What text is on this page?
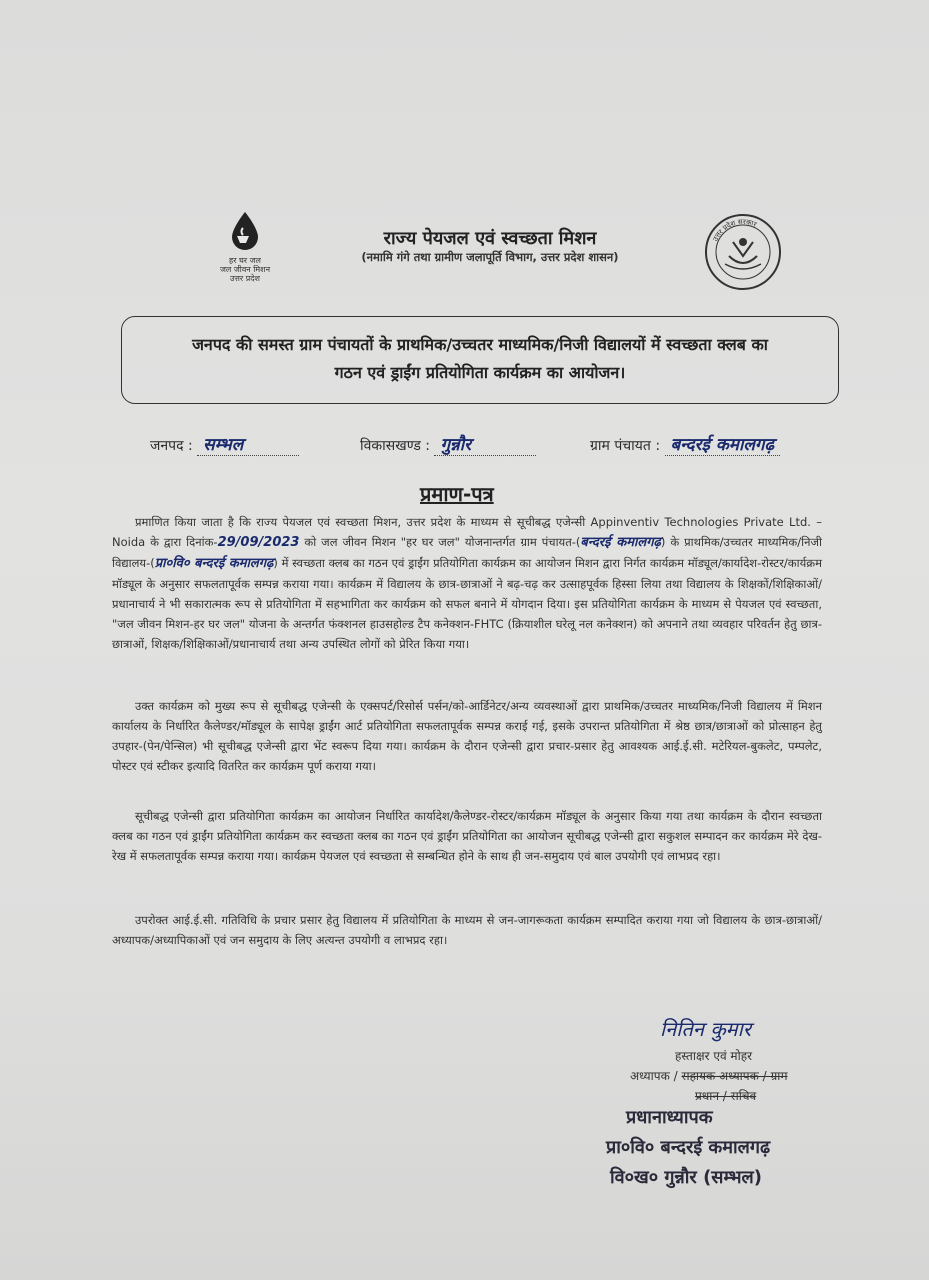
हर घर जल
जल जीवन मिशन
उत्तर प्रदेश
उत्तर प्रदेश सरकार
राज्य पेयजल एवं स्वच्छता मिशन
(नमामि गंगे तथा ग्रामीण जलापूर्ति विभाग, उत्तर प्रदेश शासन)
जनपद की समस्त ग्राम पंचायतों के प्राथमिक/उच्चतर माध्यमिक/निजी विद्यालयों में स्वच्छता क्लब का
गठन एवं ड्राईंग प्रतियोगिता कार्यक्रम का आयोजन।
जनपद : सम्भल	विकासखण्ड : गुन्नौर	ग्राम पंचायत : बन्दरई कमालगढ़
प्रमाण-पत्र
  प्रमाणित किया जाता है कि राज्य पेयजल एवं स्वच्छता मिशन, उत्तर प्रदेश के माध्यम से सूचीबद्ध एजेन्सी Appinventiv Technologies Private Ltd. – Noida के द्वारा दिनांक-29/09/2023 को जल जीवन मिशन "हर घर जल" योजनान्तर्गत ग्राम पंचायत-(बन्दरई कमालगढ़) के प्राथमिक/उच्चतर माध्यमिक/निजी विद्यालय-(प्रा०वि० बन्दरई कमालगढ़) में स्वच्छता क्लब का गठन एवं ड्राईंग प्रतियोगिता कार्यक्रम का आयोजन मिशन द्वारा निर्गत कार्यक्रम मॉड्यूल/कार्यादेश-रोस्टर/कार्यक्रम मॉड्यूल के अनुसार सफलतापूर्वक सम्पन्न कराया गया। कार्यक्रम में विद्यालय के छात्र-छात्राओं ने बढ़-चढ़ कर उत्साहपूर्वक हिस्सा लिया तथा विद्यालय के शिक्षकों/शिक्षिकाओं/प्रधानाचार्य ने भी सकारात्मक रूप से प्रतियोगिता में सहभागिता कर कार्यक्रम को सफल बनाने में योगदान दिया। इस प्रतियोगिता कार्यक्रम के माध्यम से पेयजल एवं स्वच्छता, "जल जीवन मिशन-हर घर जल" योजना के अन्तर्गत फंक्शनल हाउसहोल्ड टैप कनेक्शन-FHTC (क्रियाशील घरेलू नल कनेक्शन) को अपनाने तथा व्यवहार परिवर्तन हेतु छात्र-छात्राओं, शिक्षक/शिक्षिकाओं/प्रधानाचार्य तथा अन्य उपस्थित लोगों को प्रेरित किया गया।
  उक्त कार्यक्रम को मुख्य रूप से सूचीबद्ध एजेन्सी के एक्सपर्ट/रिसोर्स पर्सन/को-आर्डिनेटर/अन्य व्यवस्थाओं द्वारा प्राथमिक/उच्चतर माध्यमिक/निजी विद्यालय में मिशन कार्यालय के निर्धारित कैलेण्डर/मॉड्यूल के सापेक्ष ड्राईंग आर्ट प्रतियोगिता सफलतापूर्वक सम्पन्न कराई गई, इसके उपरान्त प्रतियोगिता में श्रेष्ठ छात्र/छात्राओं को प्रोत्साहन हेतु उपहार-(पेन/पेन्सिल) भी सूचीबद्ध एजेन्सी द्वारा भेंट स्वरूप दिया गया। कार्यक्रम के दौरान एजेन्सी द्वारा प्रचार-प्रसार हेतु आवश्यक आई.ई.सी. मटेरियल-बुकलेट, पम्पलेट, पोस्टर एवं स्टीकर इत्यादि वितरित कर कार्यक्रम पूर्ण कराया गया।
  सूचीबद्ध एजेन्सी द्वारा प्रतियोगिता कार्यक्रम का आयोजन निर्धारित कार्यादेश/कैलेण्डर-रोस्टर/कार्यक्रम मॉड्यूल के अनुसार किया गया तथा कार्यक्रम के दौरान स्वच्छता क्लब का गठन एवं ड्राईंग प्रतियोगिता कार्यक्रम कर स्वच्छता क्लब का गठन एवं ड्राईंग प्रतियोगिता का आयोजन सूचीबद्ध एजेन्सी द्वारा सकुशल सम्पादन कर कार्यक्रम मेरे देख-रेख में सफलतापूर्वक सम्पन्न कराया गया। कार्यक्रम पेयजल एवं स्वच्छता से सम्बन्धित होने के साथ ही जन-समुदाय एवं बाल उपयोगी एवं लाभप्रद रहा।
  उपरोक्त आई.ई.सी. गतिविधि के प्रचार प्रसार हेतु विद्यालय में प्रतियोगिता के माध्यम से जन-जागरूकता कार्यक्रम सम्पादित कराया गया जो विद्यालय के छात्र-छात्राओं/अध्यापक/अध्यापिकाओं एवं जन समुदाय के लिए अत्यन्त उपयोगी व लाभप्रद रहा।
नितिन कुमार
हस्ताक्षर एवं मोहर
अध्यापक / सहायक अध्यापक / ग्राम
प्रधान / सचिव
प्रधानाध्यापक
प्रा०वि० बन्दरई कमालगढ़
वि०ख० गुन्नौर (सम्भल)
